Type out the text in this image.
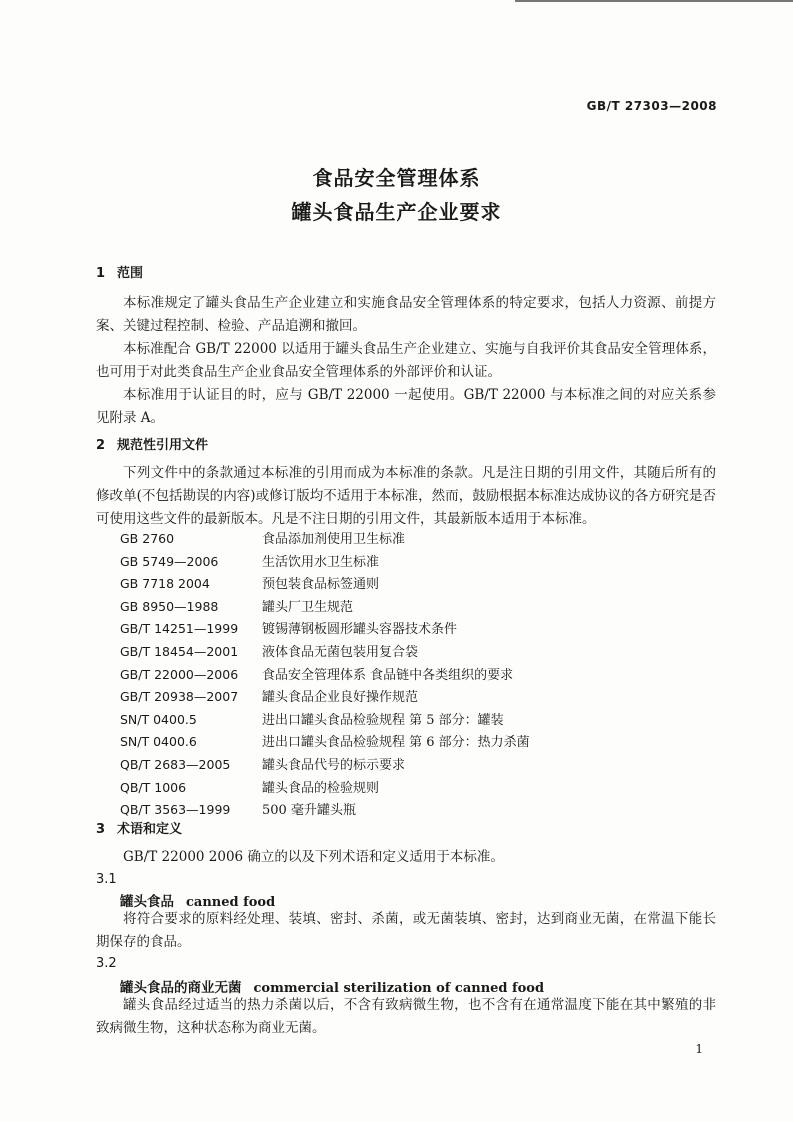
GB/T 27303—2008
食品安全管理体系
罐头食品生产企业要求
1 范围

本标准规定了罐头食品生产企业建立和实施食品安全管理体系的特定要求，包括人力资源、前提方案、关键过程控制、检验、产品追溯和撤回。

本标准配合 GB/T 22000 以适用于罐头食品生产企业建立、实施与自我评价其食品安全管理体系，也可用于对此类食品生产企业食品安全管理体系的外部评价和认证。

本标准用于认证目的时，应与 GB/T 22000 一起使用。GB/T 22000 与本标准之间的对应关系参见附录 A。

2 规范性引用文件

下列文件中的条款通过本标准的引用而成为本标准的条款。凡是注日期的引用文件，其随后所有的修改单(不包括勘误的内容)或修订版均不适用于本标准，然而，鼓励根据本标准达成协议的各方研究是否可使用这些文件的最新版本。凡是不注日期的引用文件，其最新版本适用于本标准。

GB 2760	食品添加剂使用卫生标准
GB 5749—2006	生活饮用水卫生标准
GB 7718 2004	预包装食品标签通则
GB 8950—1988	罐头厂卫生规范
GB/T 14251—1999 镀锡薄钢板圆形罐头容器技术条件
GB/T 18454—2001 液体食品无菌包装用复合袋
GB/T 22000—2006 食品安全管理体系 食品链中各类组织的要求
GB/T 20938—2007 罐头食品企业良好操作规范
SN/T 0400.5	进出口罐头食品检验规程 第 5 部分：罐装
SN/T 0400.6	进出口罐头食品检验规程 第 6 部分：热力杀菌
QB/T 2683—2005 罐头食品代号的标示要求
QB/T 1006	罐头食品的检验规则
QB/T 3563—1999 500 毫升罐头瓶
3 术语和定义

GB/T 22000 2006 确立的以及下列术语和定义适用于本标准。

3.1
罐头食品 canned food

将符合要求的原料经处理、装填、密封、杀菌，或无菌装填、密封，达到商业无菌，在常温下能长期保存的食品。

3.2
罐头食品的商业无菌 commercial sterilization of canned food

罐头食品经过适当的热力杀菌以后，不含有致病微生物，也不含有在通常温度下能在其中繁殖的非致病微生物，这种状态称为商业无菌。

1
